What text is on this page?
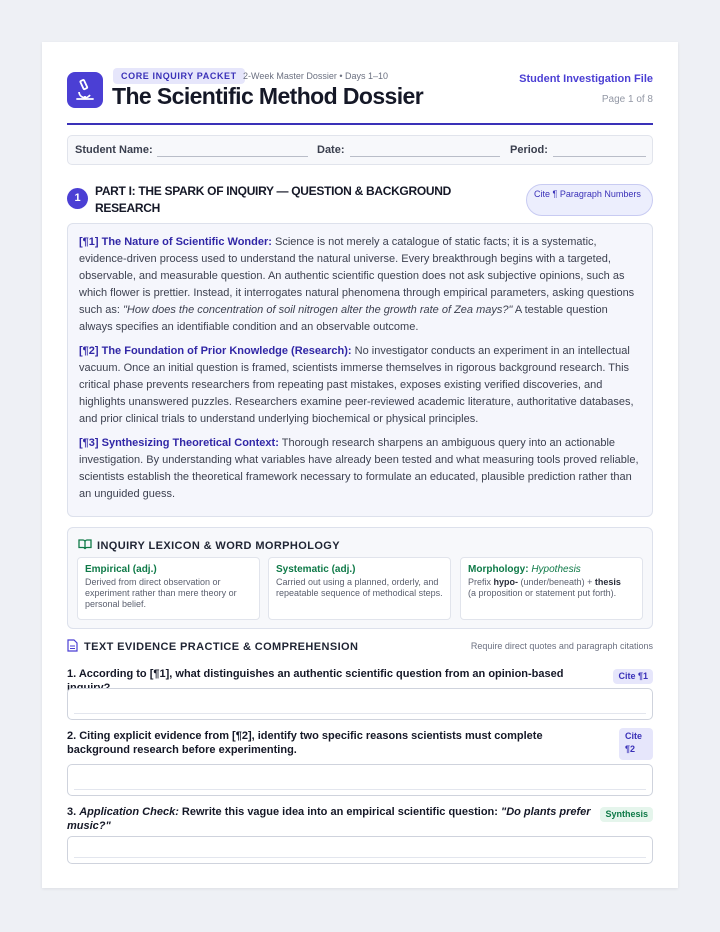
CORE INQUIRY PACKET 2-Week Master Dossier • Days 1–10
The Scientific Method Dossier
Student Investigation File
Page 1 of 8
Student Name:	Date:	Period:
1	PART I: THE SPARK OF INQUIRY — QUESTION & BACKGROUND RESEARCH
Cite ¶ Paragraph Numbers

[¶1] The Nature of Scientific Wonder: Science is not merely a catalogue of static facts; it is a systematic, evidence-driven process used to understand the natural universe. Every breakthrough begins with a targeted, observable, and measurable question. An authentic scientific question does not ask subjective opinions, such as which flower is prettier. Instead, it interrogates natural phenomena through empirical parameters, asking questions such as: "How does the concentration of soil nitrogen alter the growth rate of Zea mays?" A testable question always specifies an identifiable condition and an observable outcome.

[¶2] The Foundation of Prior Knowledge (Research): No investigator conducts an experiment in an intellectual vacuum. Once an initial question is framed, scientists immerse themselves in rigorous background research. This critical phase prevents researchers from repeating past mistakes, exposes existing verified discoveries, and highlights unanswered puzzles. Researchers examine peer-reviewed academic literature, authoritative databases, and prior clinical trials to understand underlying biochemical or physical principles.

[¶3] Synthesizing Theoretical Context: Thorough research sharpens an ambiguous query into an actionable investigation. By understanding what variables have already been tested and what measuring tools proved reliable, scientists establish the theoretical framework necessary to formulate an educated, plausible prediction rather than an unguided guess.

INQUIRY LEXICON & WORD MORPHOLOGY
Empirical (adj.)
Derived from direct observation or experiment rather than mere theory or personal belief.
Systematic (adj.)
Carried out using a planned, orderly, and repeatable sequence of methodical steps.
Morphology: Hypothesis
Prefix hypo- (under/beneath) + thesis
(a proposition or statement put forth).
TEXT EVIDENCE PRACTICE & COMPREHENSION	Require direct quotes and paragraph citations
1. According to [¶1], what distinguishes an authentic scientific question from an opinion-based	Cite ¶1
2. Citing explicit evidence from [¶2], identify two specific reasons scientists must complete background research before experimenting.
Cite
¶2
3. Application Check: Rewrite this vague idea into an empirical scientific question: "Do plants prefer music?"
Synthesis
